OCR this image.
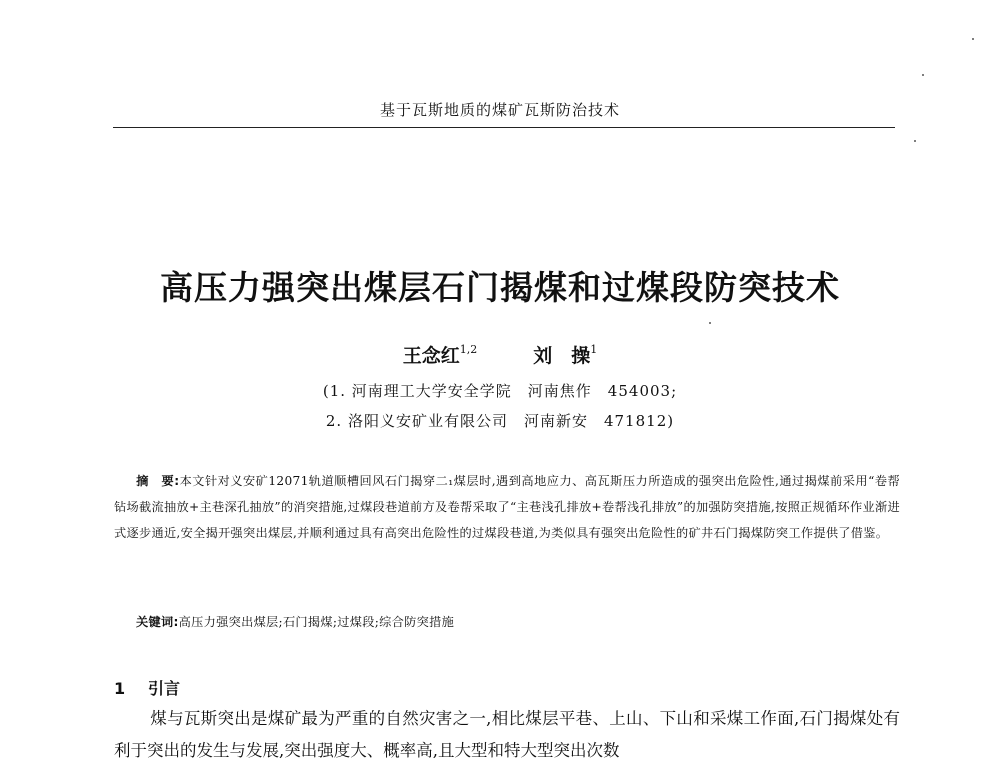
基于瓦斯地质的煤矿瓦斯防治技术
高压力强突出煤层石门揭煤和过煤段防突技术
王念红$^{1,2}$	刘　操$^1$
(1. 河南理工大学安全学院　河南焦作　454003;
2. 洛阳义安矿业有限公司　河南新安　471812)
摘　要:本文针对义安矿12071轨道顺槽回风石门揭穿二₁煤层时,遇到高地应力、高瓦斯压力所造成的强突出危险性,通过揭煤前采用“卷帮钻场截流抽放+主巷深孔抽放”的消突措施,过煤段巷道前方及卷帮采取了“主巷浅孔排放+卷帮浅孔排放”的加强防突措施,按照正规循环作业渐进式逐步通近,安全揭开强突出煤层,并顺利通过具有高突出危险性的过煤段巷道,为类似具有强突出危险性的矿井石门揭煤防突工作提供了借鉴。
关键词:高压力强突出煤层;石门揭煤;过煤段;综合防突措施
1 引言
煤与瓦斯突出是煤矿最为严重的自然灾害之一,相比煤层平巷、上山、下山和采煤工作面,石门揭煤处有利于突出的发生与发展,突出强度大、概率高,且大型和特大型突出次数
